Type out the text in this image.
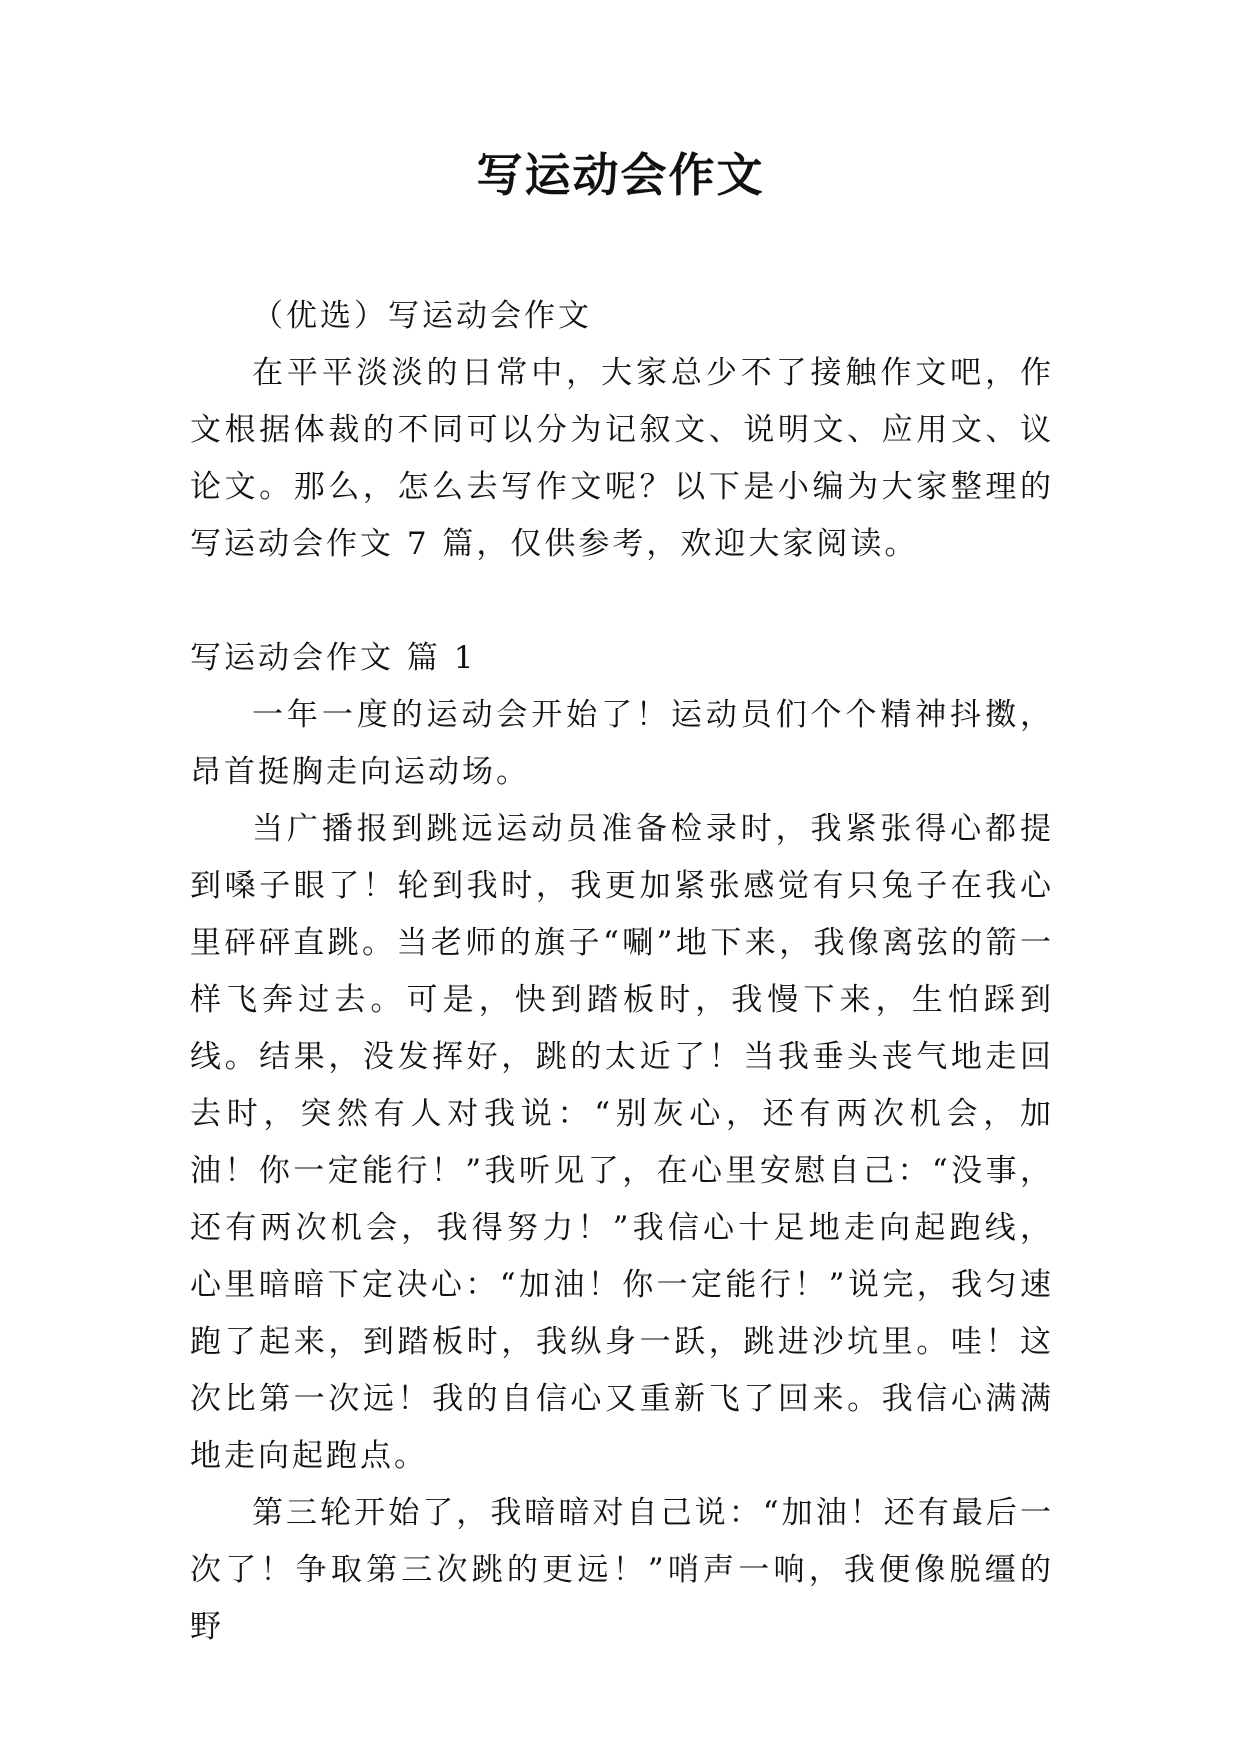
写运动会作文

（优选）写运动会作文

在平平淡淡的日常中，大家总少不了接触作文吧，作文根据体裁的不同可以分为记叙文、说明文、应用文、议论文。那么，怎么去写作文呢？以下是小编为大家整理的写运动会作文 7 篇，仅供参考，欢迎大家阅读。

写运动会作文 篇 1

一年一度的运动会开始了！运动员们个个精神抖擞，昂首挺胸走向运动场。

当广播报到跳远运动员准备检录时，我紧张得心都提到嗓子眼了！轮到我时，我更加紧张感觉有只兔子在我心里砰砰直跳。当老师的旗子“唰”地下来，我像离弦的箭一样飞奔过去。可是，快到踏板时，我慢下来，生怕踩到线。结果，没发挥好，跳的太近了！当我垂头丧气地走回去时，突然有人对我说：“别灰心，还有两次机会，加油！你一定能行！”我听见了，在心里安慰自己：“没事，还有两次机会，我得努力！”我信心十足地走向起跑线，心里暗暗下定决心：“加油！你一定能行！”说完，我匀速跑了起来，到踏板时，我纵身一跃，跳进沙坑里。哇！这次比第一次远！我的自信心又重新飞了回来。我信心满满地走向起跑点。

第三轮开始了，我暗暗对自己说：“加油！还有最后一次了！争取第三次跳的更远！”哨声一响，我便像脱缰的野
